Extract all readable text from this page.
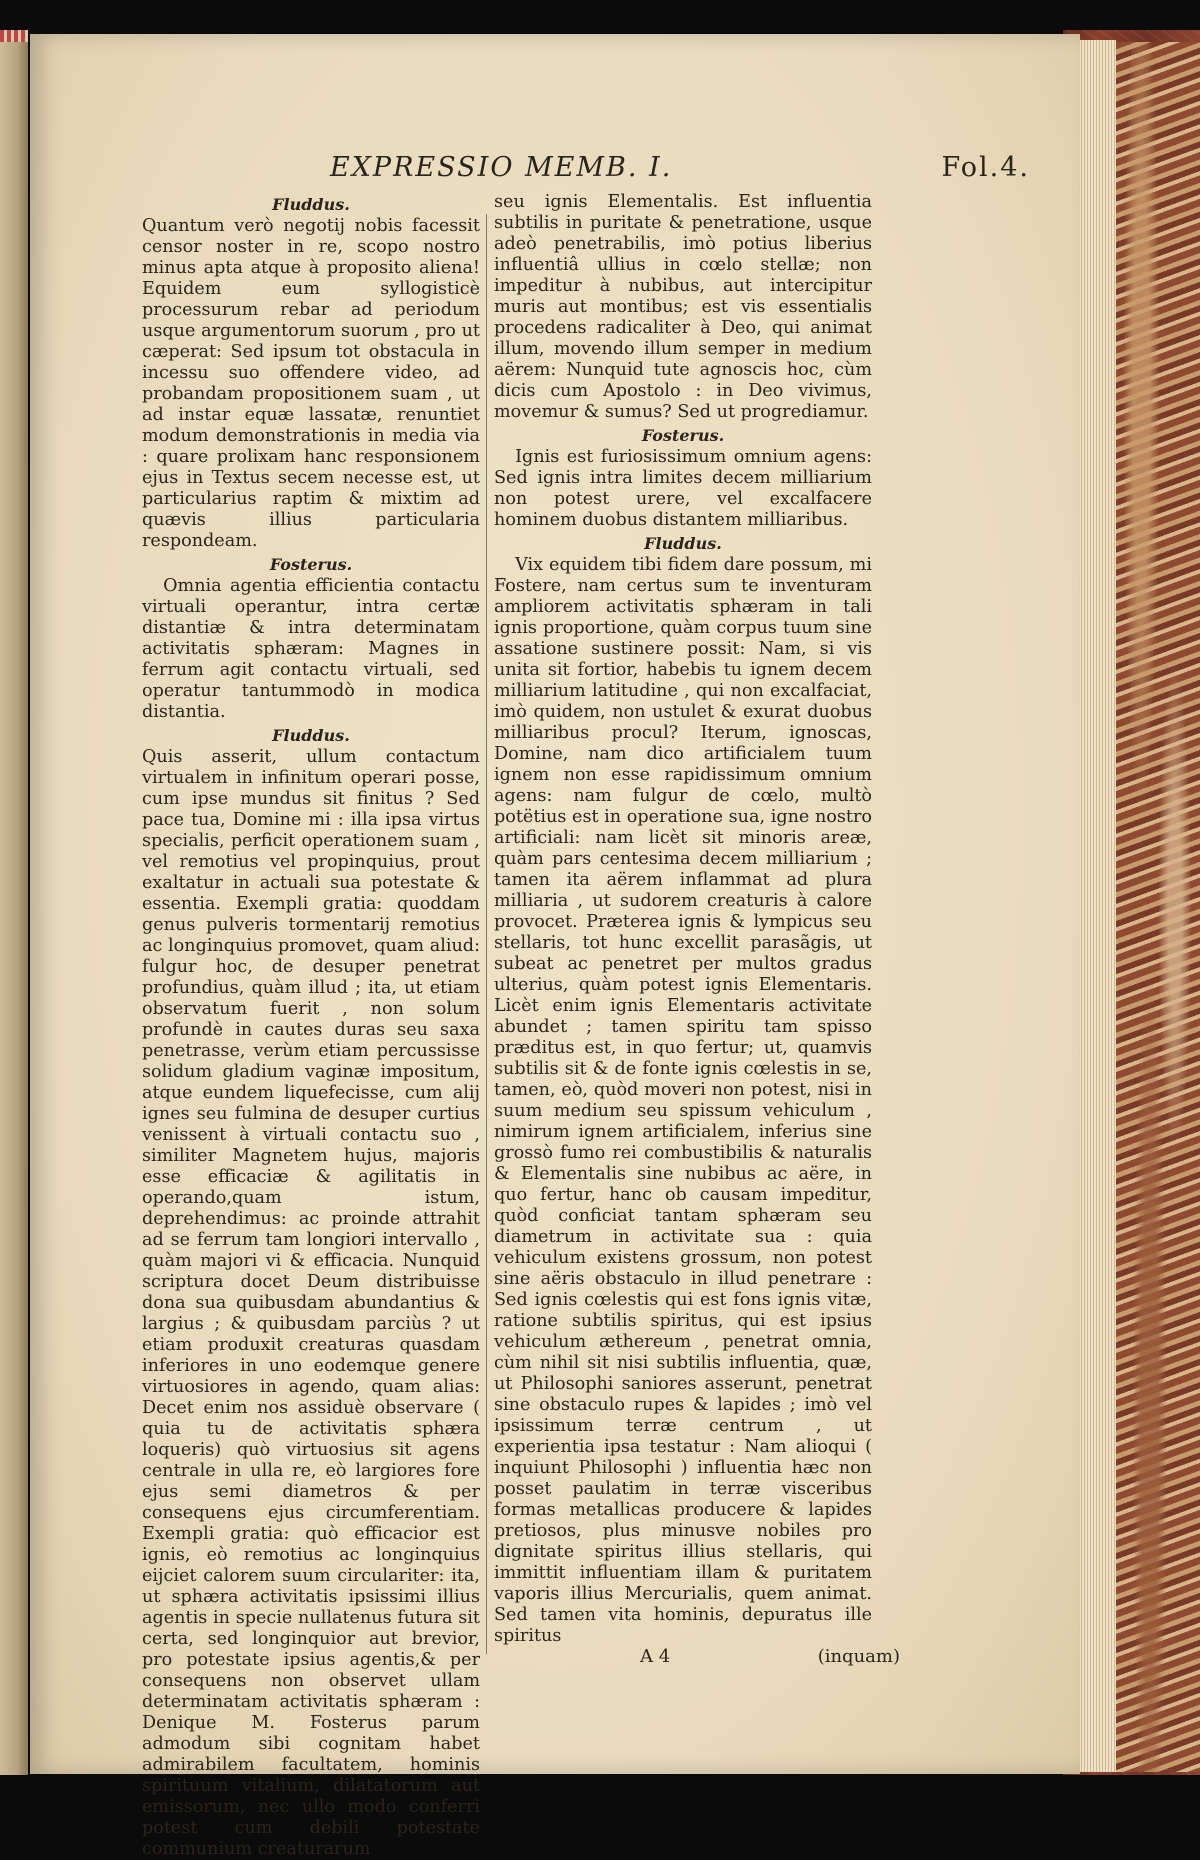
EXPRESSIO MEMB. I.	Fol.4.
Fluddus.

Quantum verò negotij nobis facessit censor noster in re, scopo nostro minus apta atque à proposito aliena! Equidem eum syllogisticè processurum rebar ad periodum usque argumentorum suorum , pro ut cæperat: Sed ipsum tot obstacula in incessu suo offendere video, ad probandam propositionem suam , ut ad instar equæ lassatæ, renuntiet modum demonstrationis in media via : quare prolixam hanc responsionem ejus in Textus secem necesse est, ut particularius raptim & mixtim ad quævis illius particularia respondeam.

Fosterus.

Omnia agentia efficientia contactu virtuali operantur, intra certæ distantiæ & intra determinatam activitatis sphæram: Magnes in ferrum agit contactu virtuali, sed operatur tantummodò in modica distantia.

Fluddus.

Quis asserit, ullum contactum virtualem in infinitum operari posse, cum ipse mundus sit finitus ? Sed pace tua, Domine mi : illa ipsa virtus specialis, perficit operationem suam , vel remotius vel propinquius, prout exaltatur in actuali sua potestate & essentia. Exempli gratia: quoddam genus pulveris tormentarij remotius ac longinquius promovet, quam aliud: fulgur hoc, de desuper penetrat profundius, quàm illud ; ita, ut etiam observatum fuerit , non solum profundè in cautes duras seu saxa penetrasse, verùm etiam percussisse solidum gladium vaginæ impositum, atque eundem liquefecisse, cum alij ignes seu fulmina de desuper curtius venissent à virtuali contactu suo , similiter Magnetem hujus, majoris esse efficaciæ & agilitatis in operando,quam istum, deprehendimus: ac proinde attrahit ad se ferrum tam longiori intervallo , quàm majori vi & efficacia. Nunquid scriptura docet Deum distribuisse dona sua quibusdam abundantius & largius ; & quibusdam parciùs ? ut etiam produxit creaturas quasdam inferiores in uno eodemque genere virtuosiores in agendo, quam alias: Decet enim nos assiduè observare ( quia tu de activitatis sphæra loqueris) quò virtuosius sit agens centrale in ulla re, eò largiores fore ejus semi diametros & per consequens ejus circumferentiam. Exempli gratia: quò efficacior est ignis, eò remotius ac longinquius eijciet calorem suum circulariter: ita, ut sphæra activitatis ipsissimi illius agentis in specie nullatenus futura sit certa, sed longinquior aut brevior, pro potestate ipsius agentis,& per consequens non observet ullam determinatam activitatis sphæram : Denique M. Fosterus parum admodum sibi cognitam habet admirabilem facultatem, hominis spirituum vitalium, dilatatorum aut emissorum, nec ullo modo conferri potest cum debili potestate communium creaturarum

seu ignis Elementalis. Est influentia subtilis in puritate & penetratione, usque adeò penetrabilis, imò potius liberius influentiâ ullius in cœlo stellæ; non impeditur à nubibus, aut intercipitur muris aut montibus; est vis essentialis procedens radicaliter à Deo, qui animat illum, movendo illum semper in medium aërem: Nunquid tute agnoscis hoc, cùm dicis cum Apostolo : in Deo vivimus, movemur & sumus? Sed ut progrediamur.

Fosterus.

Ignis est furiosissimum omnium agens: Sed ignis intra limites decem milliarium non potest urere, vel excalfacere hominem duobus distantem milliaribus.

Fluddus.

Vix equidem tibi fidem dare possum, mi Fostere, nam certus sum te inventuram ampliorem activitatis sphæram in tali ignis proportione, quàm corpus tuum sine assatione sustinere possit: Nam, si vis unita sit fortior, habebis tu ignem decem milliarium latitudine , qui non excalfaciat, imò quidem, non ustulet & exurat duobus milliaribus procul? Iterum, ignoscas, Domine, nam dico artificialem tuum ignem non esse rapidissimum omnium agens: nam fulgur de cœlo, multò potëtius est in operatione sua, igne nostro artificiali: nam licèt sit minoris areæ, quàm pars centesima decem milliarium ; tamen ita aërem inflammat ad plura milliaria , ut sudorem creaturis à calore provocet. Præterea ignis & lympicus seu stellaris, tot hunc excellit parasãgis, ut subeat ac penetret per multos gradus ulterius, quàm potest ignis Elementaris. Licèt enim ignis Elementaris activitate abundet ; tamen spiritu tam spisso præditus est, in quo fertur; ut, quamvis subtilis sit & de fonte ignis cœlestis in se, tamen, eò, quòd moveri non potest, nisi in suum medium seu spissum vehiculum , nimirum ignem artificialem, inferius sine grossò fumo rei combustibilis & naturalis & Elementalis sine nubibus ac aëre, in quo fertur, hanc ob causam impeditur, quòd conficiat tantam sphæram seu diametrum in activitate sua : quia vehiculum existens grossum, non potest sine aëris obstaculo in illud penetrare : Sed ignis cœlestis qui est fons ignis vitæ, ratione subtilis spiritus, qui est ipsius vehiculum æthereum , penetrat omnia, cùm nihil sit nisi subtilis influentia, quæ, ut Philosophi saniores asserunt, penetrat sine obstaculo rupes & lapides ; imò vel ipsissimum terræ centrum , ut experientia ipsa testatur : Nam alioqui ( inquiunt Philosophi ) influentia hæc non posset paulatim in terræ visceribus formas metallicas producere & lapides pretiosos, plus minusve nobiles pro dignitate spiritus illius stellaris, qui immittit influentiam illam & puritatem vaporis illius Mercurialis, quem animat. Sed tamen vita hominis, depuratus ille spiritus

A 4	(inquam)
